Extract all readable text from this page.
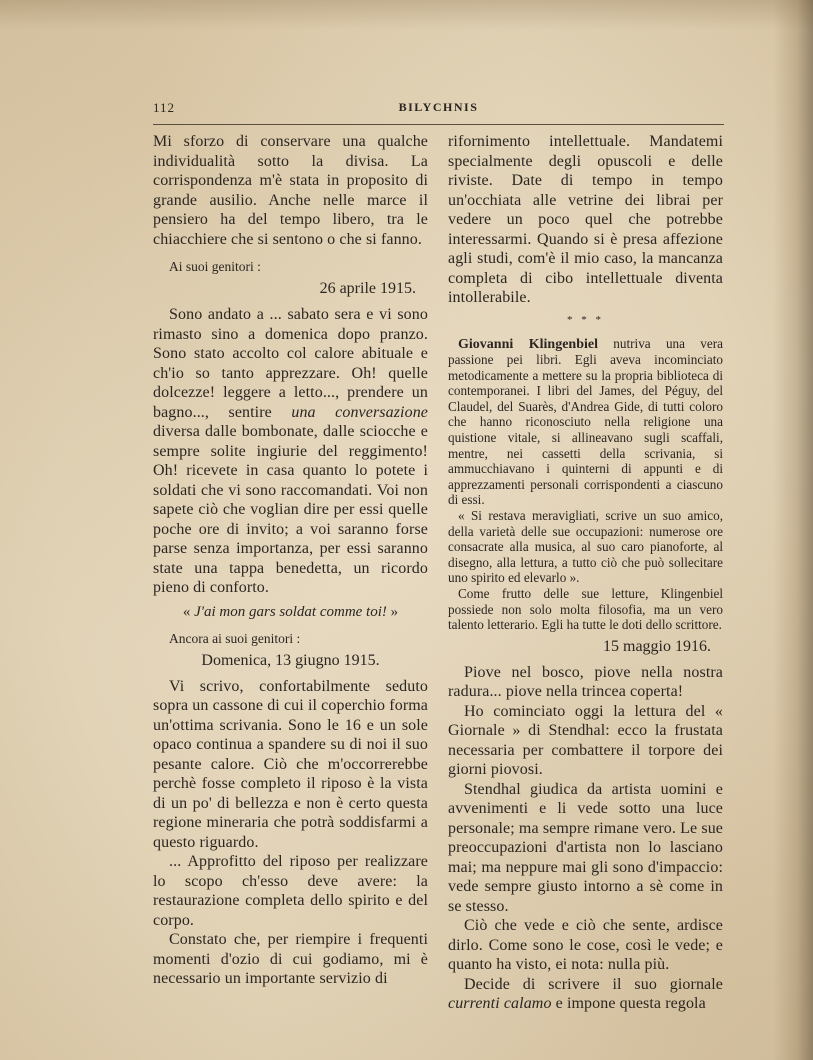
112	BILYCHNIS

Mi sforzo di conservare una qualche individualità sotto la divisa. La corrispondenza m'è stata in proposito di grande ausilio. Anche nelle marce il pensiero ha del tempo libero, tra le chiacchiere che si sentono o che si fanno.

Ai suoi genitori :

26 aprile 1915.

Sono andato a ... sabato sera e vi sono rimasto sino a domenica dopo pranzo. Sono stato accolto col calore abituale e ch'io so tanto apprezzare. Oh! quelle dolcezze! leggere a letto..., prendere un bagno..., sentire una conversazione diversa dalle bombonate, dalle sciocche e sempre solite ingiurie del reggimento! Oh! ricevete in casa quanto lo potete i soldati che vi sono raccomandati. Voi non sapete ciò che voglian dire per essi quelle poche ore di invito; a voi saranno forse parse senza importanza, per essi saranno state una tappa benedetta, un ricordo pieno di conforto.

« J'ai mon gars soldat comme toi! »

Ancora ai suoi genitori :

Domenica, 13 giugno 1915.

Vi scrivo, confortabilmente seduto sopra un cassone di cui il coperchio forma un'ottima scrivania. Sono le 16 e un sole opaco continua a spandere su di noi il suo pesante calore. Ciò che m'occorrerebbe perchè fosse completo il riposo è la vista di un po' di bellezza e non è certo questa regione mineraria che potrà soddisfarmi a questo riguardo.

... Approfitto del riposo per realizzare lo scopo ch'esso deve avere: la restaurazione completa dello spirito e del corpo.

Constato che, per riempire i frequenti momenti d'ozio di cui godiamo, mi è necessario un importante servizio di

rifornimento intellettuale. Mandatemi specialmente degli opuscoli e delle riviste. Date di tempo in tempo un'occhiata alle vetrine dei librai per vedere un poco quel che potrebbe interessarmi. Quando si è presa affezione agli studi, com'è il mio caso, la mancanza completa di cibo intellettuale diventa intollerabile.

* * *

Giovanni Klingenbiel nutriva una vera passione pei libri. Egli aveva incominciato metodicamente a mettere su la propria biblioteca di contemporanei. I libri del James, del Péguy, del Claudel, del Suarès, d'Andrea Gide, di tutti coloro che hanno riconosciuto nella religione una quistione vitale, si allineavano sugli scaffali, mentre, nei cassetti della scrivania, si ammucchiavano i quinterni di appunti e di apprezzamenti personali corrispondenti a ciascuno di essi.

« Si restava meravigliati, scrive un suo amico, della varietà delle sue occupazioni: numerose ore consacrate alla musica, al suo caro pianoforte, al disegno, alla lettura, a tutto ciò che può sollecitare uno spirito ed elevarlo ».

Come frutto delle sue letture, Klingenbiel possiede non solo molta filosofia, ma un vero talento letterario. Egli ha tutte le doti dello scrittore.

15 maggio 1916.

Piove nel bosco, piove nella nostra radura... piove nella trincea coperta!

Ho cominciato oggi la lettura del « Giornale » di Stendhal: ecco la frustata necessaria per combattere il torpore dei giorni piovosi.

Stendhal giudica da artista uomini e avvenimenti e li vede sotto una luce personale; ma sempre rimane vero. Le sue preoccupazioni d'artista non lo lasciano mai; ma neppure mai gli sono d'impaccio: vede sempre giusto intorno a sè come in se stesso.

Ciò che vede e ciò che sente, ardisce dirlo. Come sono le cose, così le vede; e quanto ha visto, ei nota: nulla più.

Decide di scrivere il suo giornale currenti calamo e impone questa regola
